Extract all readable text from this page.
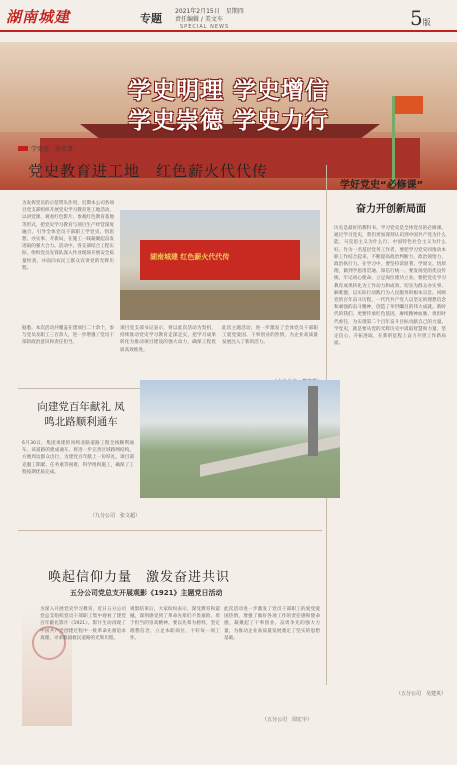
湖南城建	专题
2021年2月15日　星期四
责任编辑 / 美文车
SPECIAL NEWS	5版
学史明理 学史增信
学史崇德 学史力行
学党史　办实事
党史教育进工地　红色薪火代代传
为发挥党员的示范带头作用，近期本公司各项目党支部组织开展党史学习教育进工地活动，以讲党课、观看红色影片、参观红色教育基地等形式，把党史学习教育与项目生产经营深度融合，引导全体党员干部职工学党史、悟思想、办实事、开新局，在施工一线凝聚起奋发进取的强大合力。活动中，各支部结合工程实际，组织党员先锋队深入作业现场开展安全质量检查，并面向农民工群众宣讲党的光辉历程。
湖南城建 红色薪火代代传
据悉，本次活动共覆盖在建项目二十余个，参与党员及职工三百余人，进一步增强了党员干部的政治意识和责任担当。
项目党支部书记表示，将以此次活动为契机，持续推动党史学习教育走深走实，把学习成果转化为推动项目建设的强大动力，确保工程优质高效推进。
此次主题活动，进一步激发了全体党员干部职工爱党爱国、干事创业的热情，为企业高质量发展注入了新的活力。
学好党史“必修课”
奋力开创新局面
历史是最好的教科书。学习党史是全体党员的必修课。通过学习党史，我们更加深刻认识到中国共产党为什么能、马克思主义为什么行、中国特色社会主义为什么好。作为一名基层党务工作者，要把学习党史同推动本职工作结合起来，不断提高政治判断力、政治领悟力、政治执行力。在学习中，要坚持读原著、学原文、悟原理，做到学思用贯通、知信行统一。要发扬党的优良传统，牢记初心使命，立足岗位建功立业。要把党史学习教育成果转化为工作动力和成效，切实为群众办实事、解难题，以实际行动践行为人民服务的根本宗旨。回顾党的百年奋斗历程，一代代共产党人以坚定的理想信念和顽强的奋斗精神，创造了举世瞩目的伟大成就。新时代的我们，更要传承红色基因，赓续精神血脉，勇担时代重任，为实现第二个百年奋斗目标贡献自己的力量。学党史，就是要从党的光辉历史中汲取智慧和力量，坚定信心、开拓进取，在新的征程上奋力开创工作新局面。
（五分公司　吴建英）
向建党百年献礼 凤鸣北路顺利通车
6月30日，集团承建的凤鸣北路道路工程全线顺利通车。该道路的建成通车，将进一步完善区域路网结构，方便周边群众出行，为建党百年献上一份厚礼。项目部克服工期紧、任务重等困难，科学组织施工，确保了工程按期优质完成。
（九分公司　张文超）
唤起信仰力量　激发奋进共识
五分公司党总支开展观影《1921》主题党日活动
为深入开展党史学习教育，近日五分公司党总支组织党员干部职工集中观看了建党百年献礼影片《1921》。影片生动再现了中国共产党创建过程中一批革命先驱追求真理、寻求救国救民道路的光辉历程。
观影结束后，大家纷纷表示，深受教育和震撼，深刻感受到了革命先辈们不畏艰险、勇于担当的崇高精神。要以先辈为榜样，坚定理想信念，立足本职岗位，干好每一项工作。
此次活动进一步激发了党员干部职工的爱党爱国热情，增强了做好各项工作的责任感和使命感，凝聚起了干事创业、奋勇争先的强大力量，为推动企业高质量发展奠定了坚实的思想基础。
（五分公司　周宏宇）
